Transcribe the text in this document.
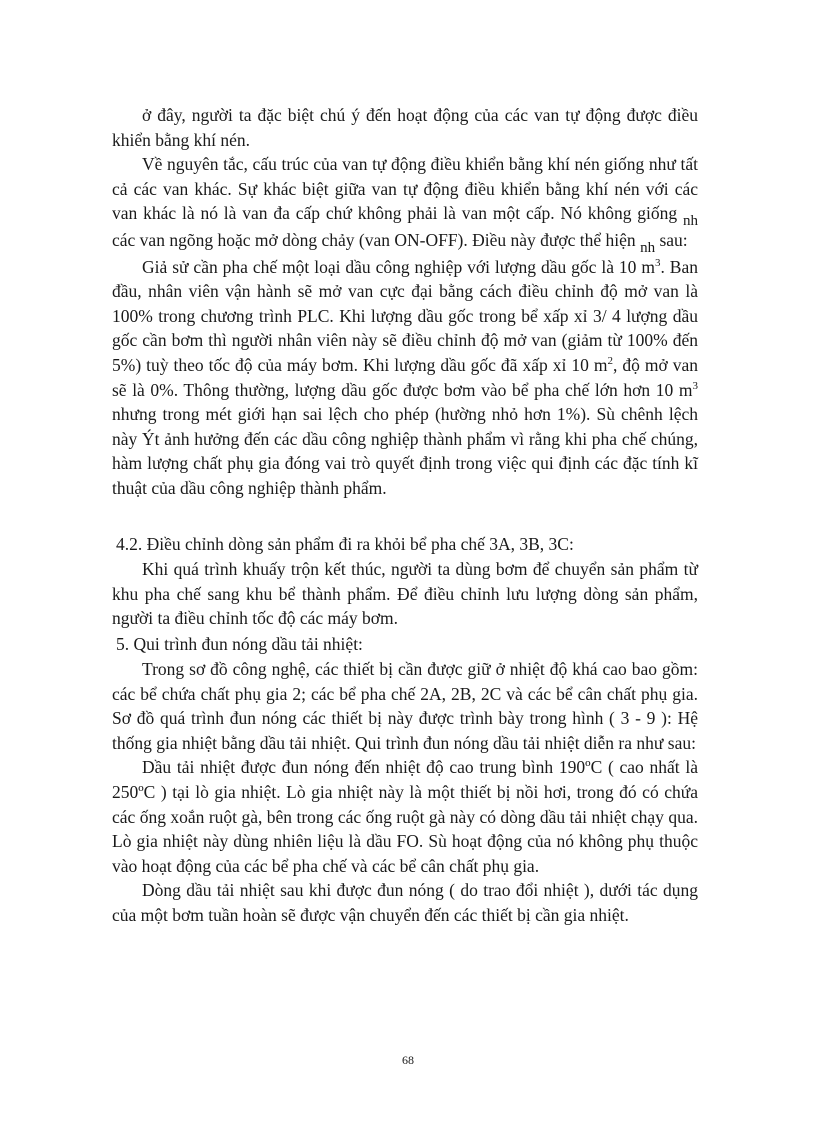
ở đây, người ta đặc biệt chú ý đến hoạt động của các van tự động được điều khiển bằng khí nén.

Về nguyên tắc, cấu trúc của van tự động điều khiển bằng khí nén giống như tất cả các van khác. Sự khác biệt giữa van tự động điều khiển bằng khí nén với các van khác là nó là van đa cấp chứ không phải là van một cấp. Nó không giống nh các van ngõng hoặc mở dòng chảy (van ON-OFF). Điều này được thể hiện nh sau:

Giả sử cần pha chế một loại dầu công nghiệp với lượng dầu gốc là 10 $m^3$. Ban đầu, nhân viên vận hành sẽ mở van cực đại bằng cách điều chỉnh độ mở van là 100% trong chương trình PLC. Khi lượng dầu gốc trong bể xấp xỉ 3/ 4 lượng dầu gốc cần bơm thì người nhân viên này sẽ điều chỉnh độ mở van (giảm từ 100% đến 5%) tuỳ theo tốc độ của máy bơm. Khi lượng dầu gốc đã xấp xỉ 10 $m^2$, độ mở van sẽ là 0%. Thông thường, lượng dầu gốc được bơm vào bể pha chế lớn hơn 10 $m^3$ nhưng trong mét giới hạn sai lệch cho phép (hường nhỏ hơn 1%). Sù chênh lệch này Ýt ảnh hưởng đến các dầu công nghiệp thành phẩm vì rằng khi pha chế chúng, hàm lượng chất phụ gia đóng vai trò quyết định trong việc qui định các đặc tính kĩ thuật của dầu công nghiệp thành phẩm.

4.2. Điều chỉnh dòng sản phẩm đi ra khỏi bể pha chế 3A, 3B, 3C:

Khi quá trình khuấy trộn kết thúc, người ta dùng bơm để chuyển sản phẩm từ khu pha chế sang khu bể thành phẩm. Để điều chỉnh lưu lượng dòng sản phẩm, người ta điều chỉnh tốc độ các máy bơm.

5. Qui trình đun nóng dầu tải nhiệt:

Trong sơ đồ công nghệ, các thiết bị cần được giữ ở nhiệt độ khá cao bao gồm: các bể chứa chất phụ gia 2; các bể pha chế 2A, 2B, 2C và các bể cân chất phụ gia. Sơ đồ quá trình đun nóng các thiết bị này được trình bày trong hình ( 3 - 9 ): Hệ thống gia nhiệt bằng dầu tải nhiệt. Qui trình đun nóng dầu tải nhiệt diễn ra như sau:

Dầu tải nhiệt được đun nóng đến nhiệt độ cao trung bình 190ºC ( cao nhất là 250ºC ) tại lò gia nhiệt. Lò gia nhiệt này là một thiết bị nồi hơi, trong đó có chứa các ống xoắn ruột gà, bên trong các ống ruột gà này có dòng dầu tải nhiệt chạy qua. Lò gia nhiệt này dùng nhiên liệu là dầu FO. Sù hoạt động của nó không phụ thuộc vào hoạt động của các bể pha chế và các bể cân chất phụ gia.

Dòng dầu tải nhiệt sau khi được đun nóng ( do trao đổi nhiệt ), dưới tác dụng của một bơm tuần hoàn sẽ được vận chuyển đến các thiết bị cần gia nhiệt.

68
